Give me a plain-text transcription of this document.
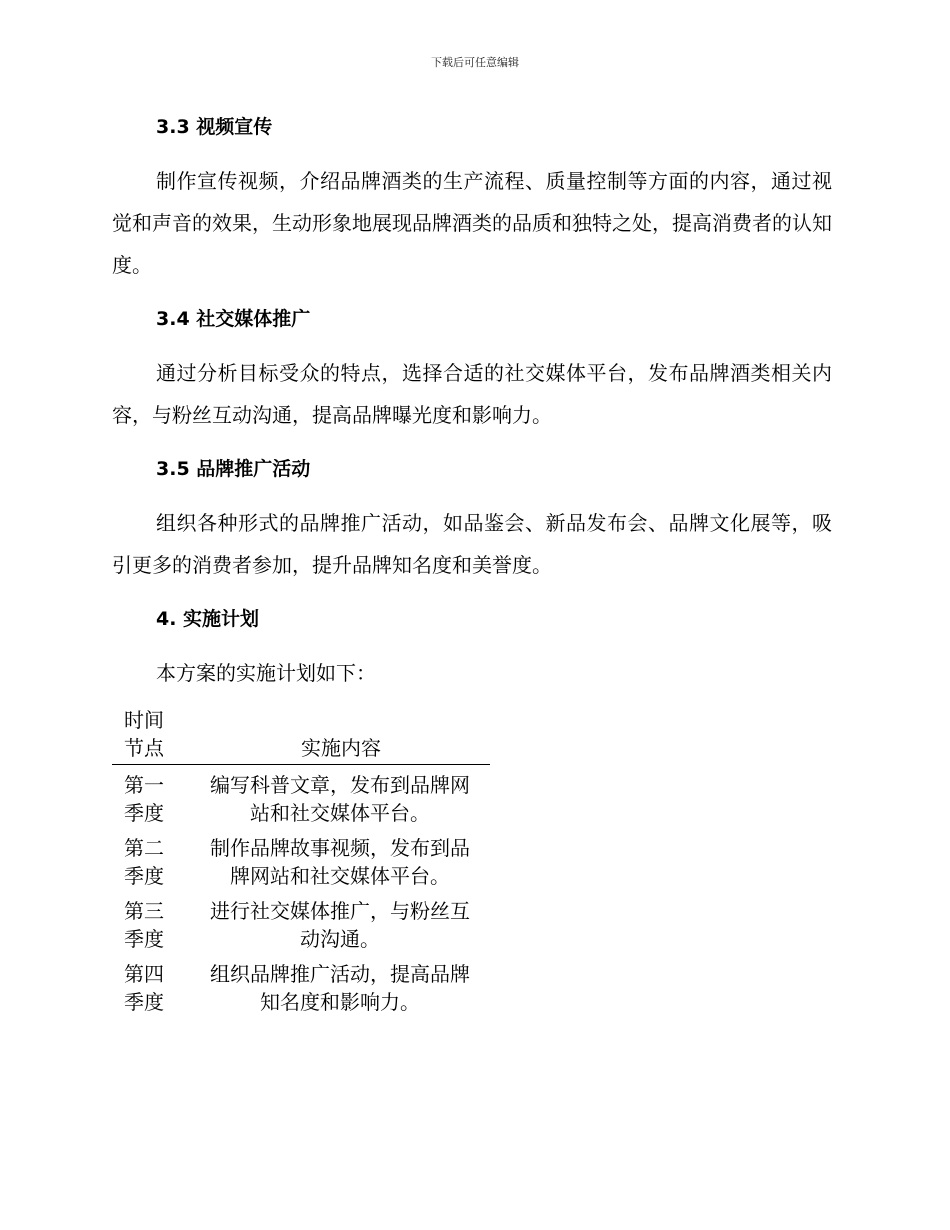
下载后可任意编辑
3.3 视频宣传

制作宣传视频，介绍品牌酒类的生产流程、质量控制等方面的内容，通过视觉和声音的效果，生动形象地展现品牌酒类的品质和独特之处，提高消费者的认知度。

3.4 社交媒体推广

通过分析目标受众的特点，选择合适的社交媒体平台，发布品牌酒类相关内容，与粉丝互动沟通，提高品牌曝光度和影响力。

3.5 品牌推广活动

组织各种形式的品牌推广活动，如品鉴会、新品发布会、品牌文化展等，吸引更多的消费者参加，提升品牌知名度和美誉度。

4. 实施计划

本方案的实施计划如下：

时间
节点	实施内容

第一
季度	编写科普文章，发布到品牌网站和社交媒体平台。

第二
季度	制作品牌故事视频，发布到品牌网站和社交媒体平台。

第三
季度	进行社交媒体推广，与粉丝互动沟通。

第四
季度	组织品牌推广活动，提高品牌知名度和影响力。
